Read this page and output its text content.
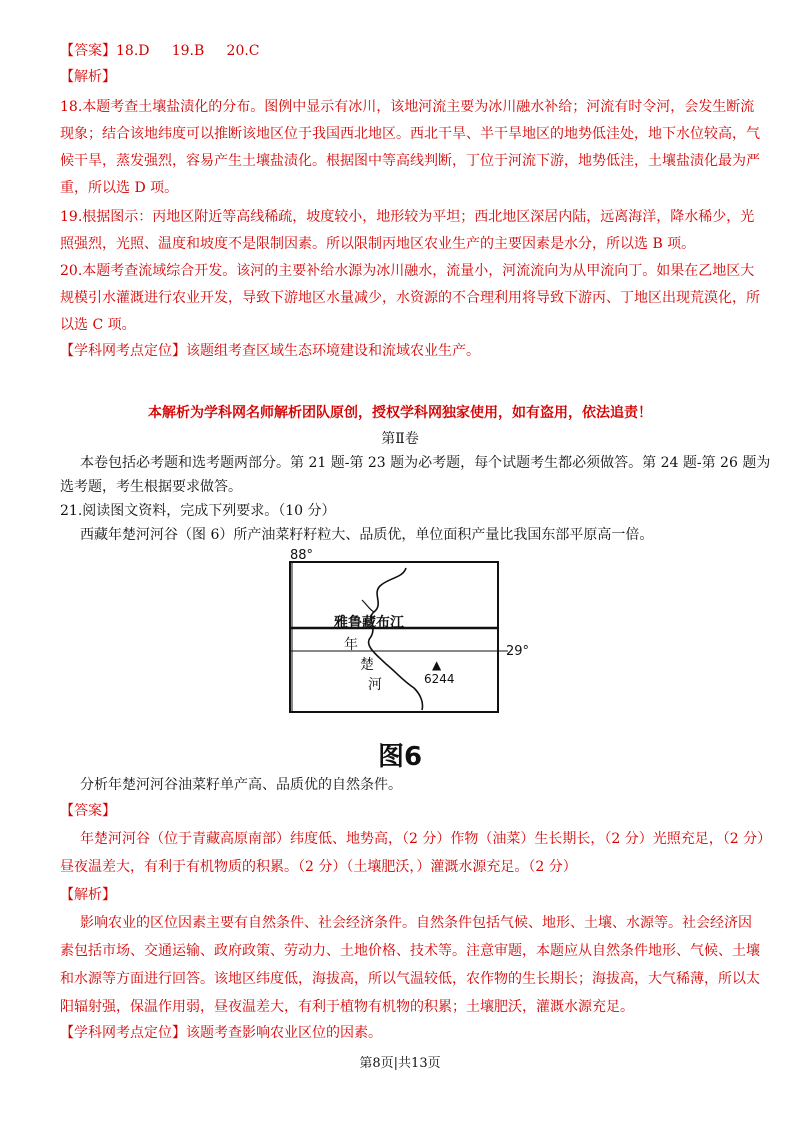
【答案】18.D     19.B     20.C
【解析】
18.本题考查土壤盐渍化的分布。图例中显示有冰川，该地河流主要为冰川融水补给；河流有时令河，会发生断流
现象；结合该地纬度可以推断该地区位于我国西北地区。西北干旱、半干旱地区的地势低洼处，地下水位较高，气
候干旱，蒸发强烈，容易产生土壤盐渍化。根据图中等高线判断，丁位于河流下游，地势低洼，土壤盐渍化最为严
重，所以选 D 项。
19.根据图示：丙地区附近等高线稀疏，坡度较小，地形较为平坦；西北地区深居内陆，远离海洋，降水稀少，光
照强烈，光照、温度和坡度不是限制因素。所以限制丙地区农业生产的主要因素是水分，所以选 B 项。
20.本题考查流域综合开发。该河的主要补给水源为冰川融水，流量小，河流流向为从甲流向丁。如果在乙地区大
规模引水灌溉进行农业开发，导致下游地区水量减少，水资源的不合理利用将导致下游丙、丁地区出现荒漠化，所
以选 C 项。
【学科网考点定位】该题组考查区域生态环境建设和流域农业生产。
本解析为学科网名师解析团队原创，授权学科网独家使用，如有盗用，依法追责！
第Ⅱ卷
本卷包括必考题和选考题两部分。第 21 题-第 23 题为必考题，每个试题考生都必须做答。第 24 题-第 26 题为
选考题，考生根据要求做答。
21.阅读图文资料，完成下列要求。（10 分）
西藏年楚河河谷（图 6）所产油菜籽籽粒大、品质优，单位面积产量比我国东部平原高一倍。
88°
29°
雅鲁藏布江
年
楚
河
▲
6244
图6
分析年楚河河谷油菜籽单产高、品质优的自然条件。
【答案】
年楚河河谷（位于青藏高原南部）纬度低、地势高，（2 分）作物（油菜）生长期长，（2 分）光照充足，（2 分）
昼夜温差大，有利于有机物质的积累。（2 分）（土壤肥沃，）灌溉水源充足。（2 分）
【解析】
影响农业的区位因素主要有自然条件、社会经济条件。自然条件包括气候、地形、土壤、水源等。社会经济因
素包括市场、交通运输、政府政策、劳动力、土地价格、技术等。注意审题，本题应从自然条件地形、气候、土壤
和水源等方面进行回答。该地区纬度低，海拔高，所以气温较低，农作物的生长期长；海拔高，大气稀薄，所以太
阳辐射强，保温作用弱，昼夜温差大，有利于植物有机物的积累；土壤肥沃，灌溉水源充足。
【学科网考点定位】该题考查影响农业区位的因素。
第8页|共13页
